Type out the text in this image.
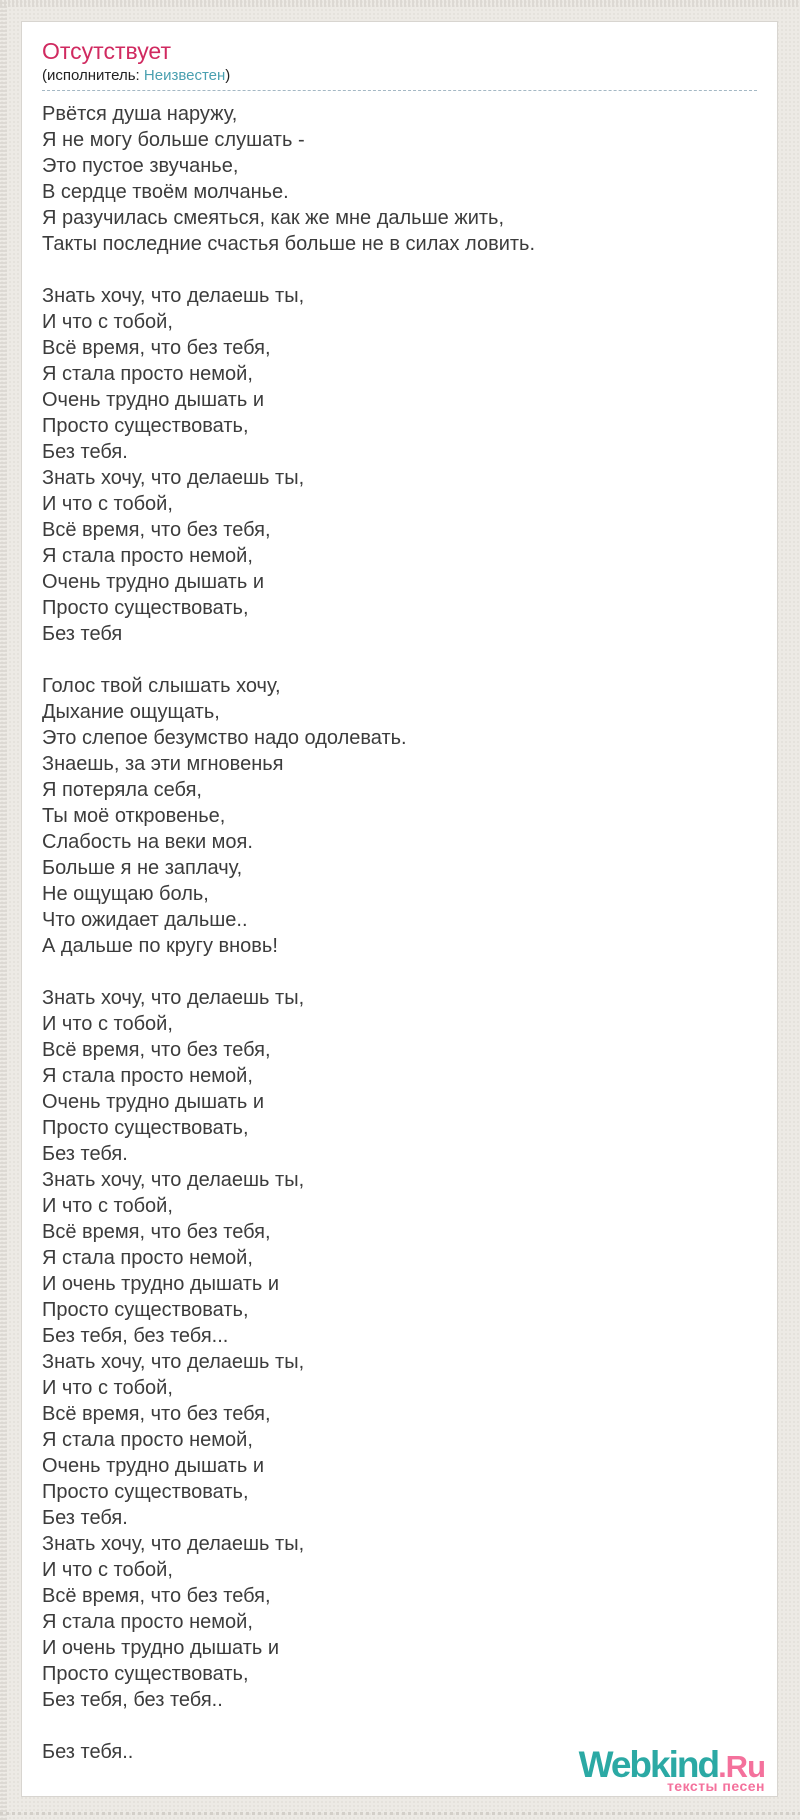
Отсутствует
(исполнитель: Неизвестен)
Рвётся душа наружу,
Я не могу больше слушать -
Это пустое звучанье,
В сердце твоём молчанье.
Я разучилась смеяться, как же мне дальше жить,
Такты последние счастья больше не в силах ловить.
Знать хочу, что делаешь ты,
И что с тобой,
Всё время, что без тебя,
Я стала просто немой,
Очень трудно дышать и
Просто существовать,
Без тебя.
Знать хочу, что делаешь ты,
И что с тобой,
Всё время, что без тебя,
Я стала просто немой,
Очень трудно дышать и
Просто существовать,
Без тебя
Голос твой слышать хочу,
Дыхание ощущать,
Это слепое безумство надо одолевать.
Знаешь, за эти мгновенья
Я потеряла себя,
Ты моё откровенье,
Слабость на веки моя.
Больше я не заплачу,
Не ощущаю боль,
Что ожидает дальше..
А дальше по кругу вновь!
Знать хочу, что делаешь ты,
И что с тобой,
Всё время, что без тебя,
Я стала просто немой,
Очень трудно дышать и
Просто существовать,
Без тебя.
Знать хочу, что делаешь ты,
И что с тобой,
Всё время, что без тебя,
Я стала просто немой,
И очень трудно дышать и
Просто существовать,
Без тебя, без тебя...
Знать хочу, что делаешь ты,
И что с тобой,
Всё время, что без тебя,
Я стала просто немой,
Очень трудно дышать и
Просто существовать,
Без тебя.
Знать хочу, что делаешь ты,
И что с тобой,
Всё время, что без тебя,
Я стала просто немой,
И очень трудно дышать и
Просто существовать,
Без тебя, без тебя..
Без тебя..	Webkind.Ru
тексты песен
